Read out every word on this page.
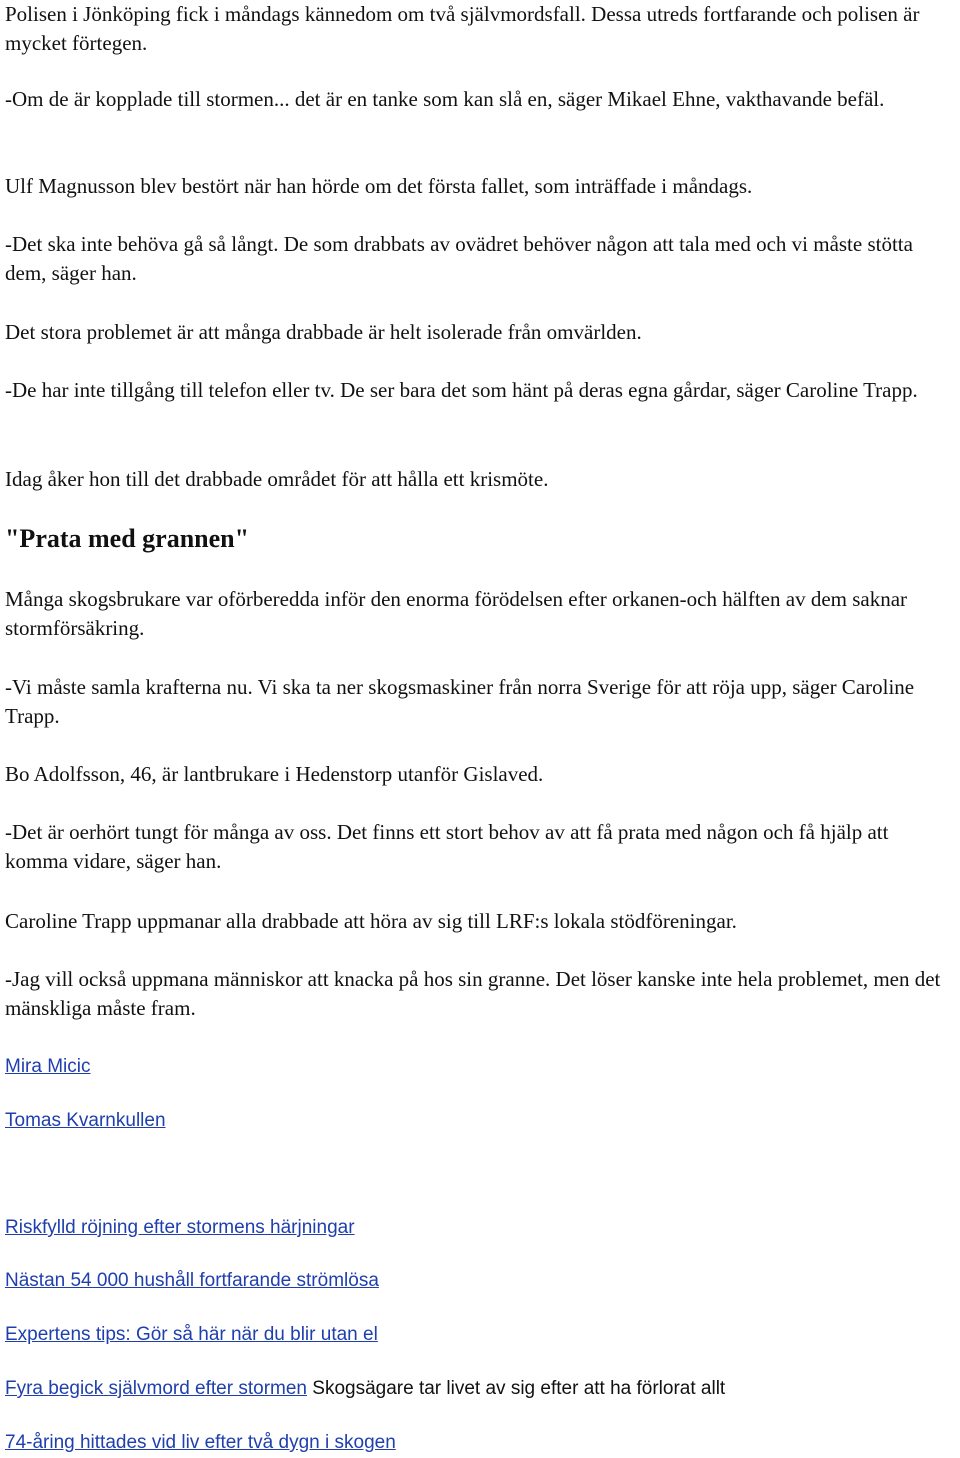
Polisen i Jönköping fick i måndags kännedom om två självmordsfall. Dessa utreds fortfarande och polisen är mycket förtegen.

-Om de är kopplade till stormen... det är en tanke som kan slå en, säger Mikael Ehne, vakthavande befäl.

Ulf Magnusson blev bestört när han hörde om det första fallet, som inträffade i måndags.

-Det ska inte behöva gå så långt. De som drabbats av ovädret behöver någon att tala med och vi måste stötta dem, säger han.

Det stora problemet är att många drabbade är helt isolerade från omvärlden.

-De har inte tillgång till telefon eller tv. De ser bara det som hänt på deras egna gårdar, säger Caroline Trapp.

Idag åker hon till det drabbade området för att hålla ett krismöte.

"Prata med grannen"

Många skogsbrukare var oförberedda inför den enorma förödelsen efter orkanen-och hälften av dem saknar stormförsäkring.

-Vi måste samla krafterna nu. Vi ska ta ner skogsmaskiner från norra Sverige för att röja upp, säger Caroline Trapp.

Bo Adolfsson, 46, är lantbrukare i Hedenstorp utanför Gislaved.

-Det är oerhört tungt för många av oss. Det finns ett stort behov av att få prata med någon och få hjälp att komma vidare, säger han.

Caroline Trapp uppmanar alla drabbade att höra av sig till LRF:s lokala stödföreningar.

-Jag vill också uppmana människor att knacka på hos sin granne. Det löser kanske inte hela problemet, men det mänskliga måste fram.

Mira Micic
Tomas Kvarnkullen
Riskfylld röjning efter stormens härjningar
Nästan 54 000 hushåll fortfarande strömlösa
Expertens tips: Gör så här när du blir utan el
Fyra begick självmord efter stormen Skogsägare tar livet av sig efter att ha förlorat allt
74-åring hittades vid liv efter två dygn i skogen
